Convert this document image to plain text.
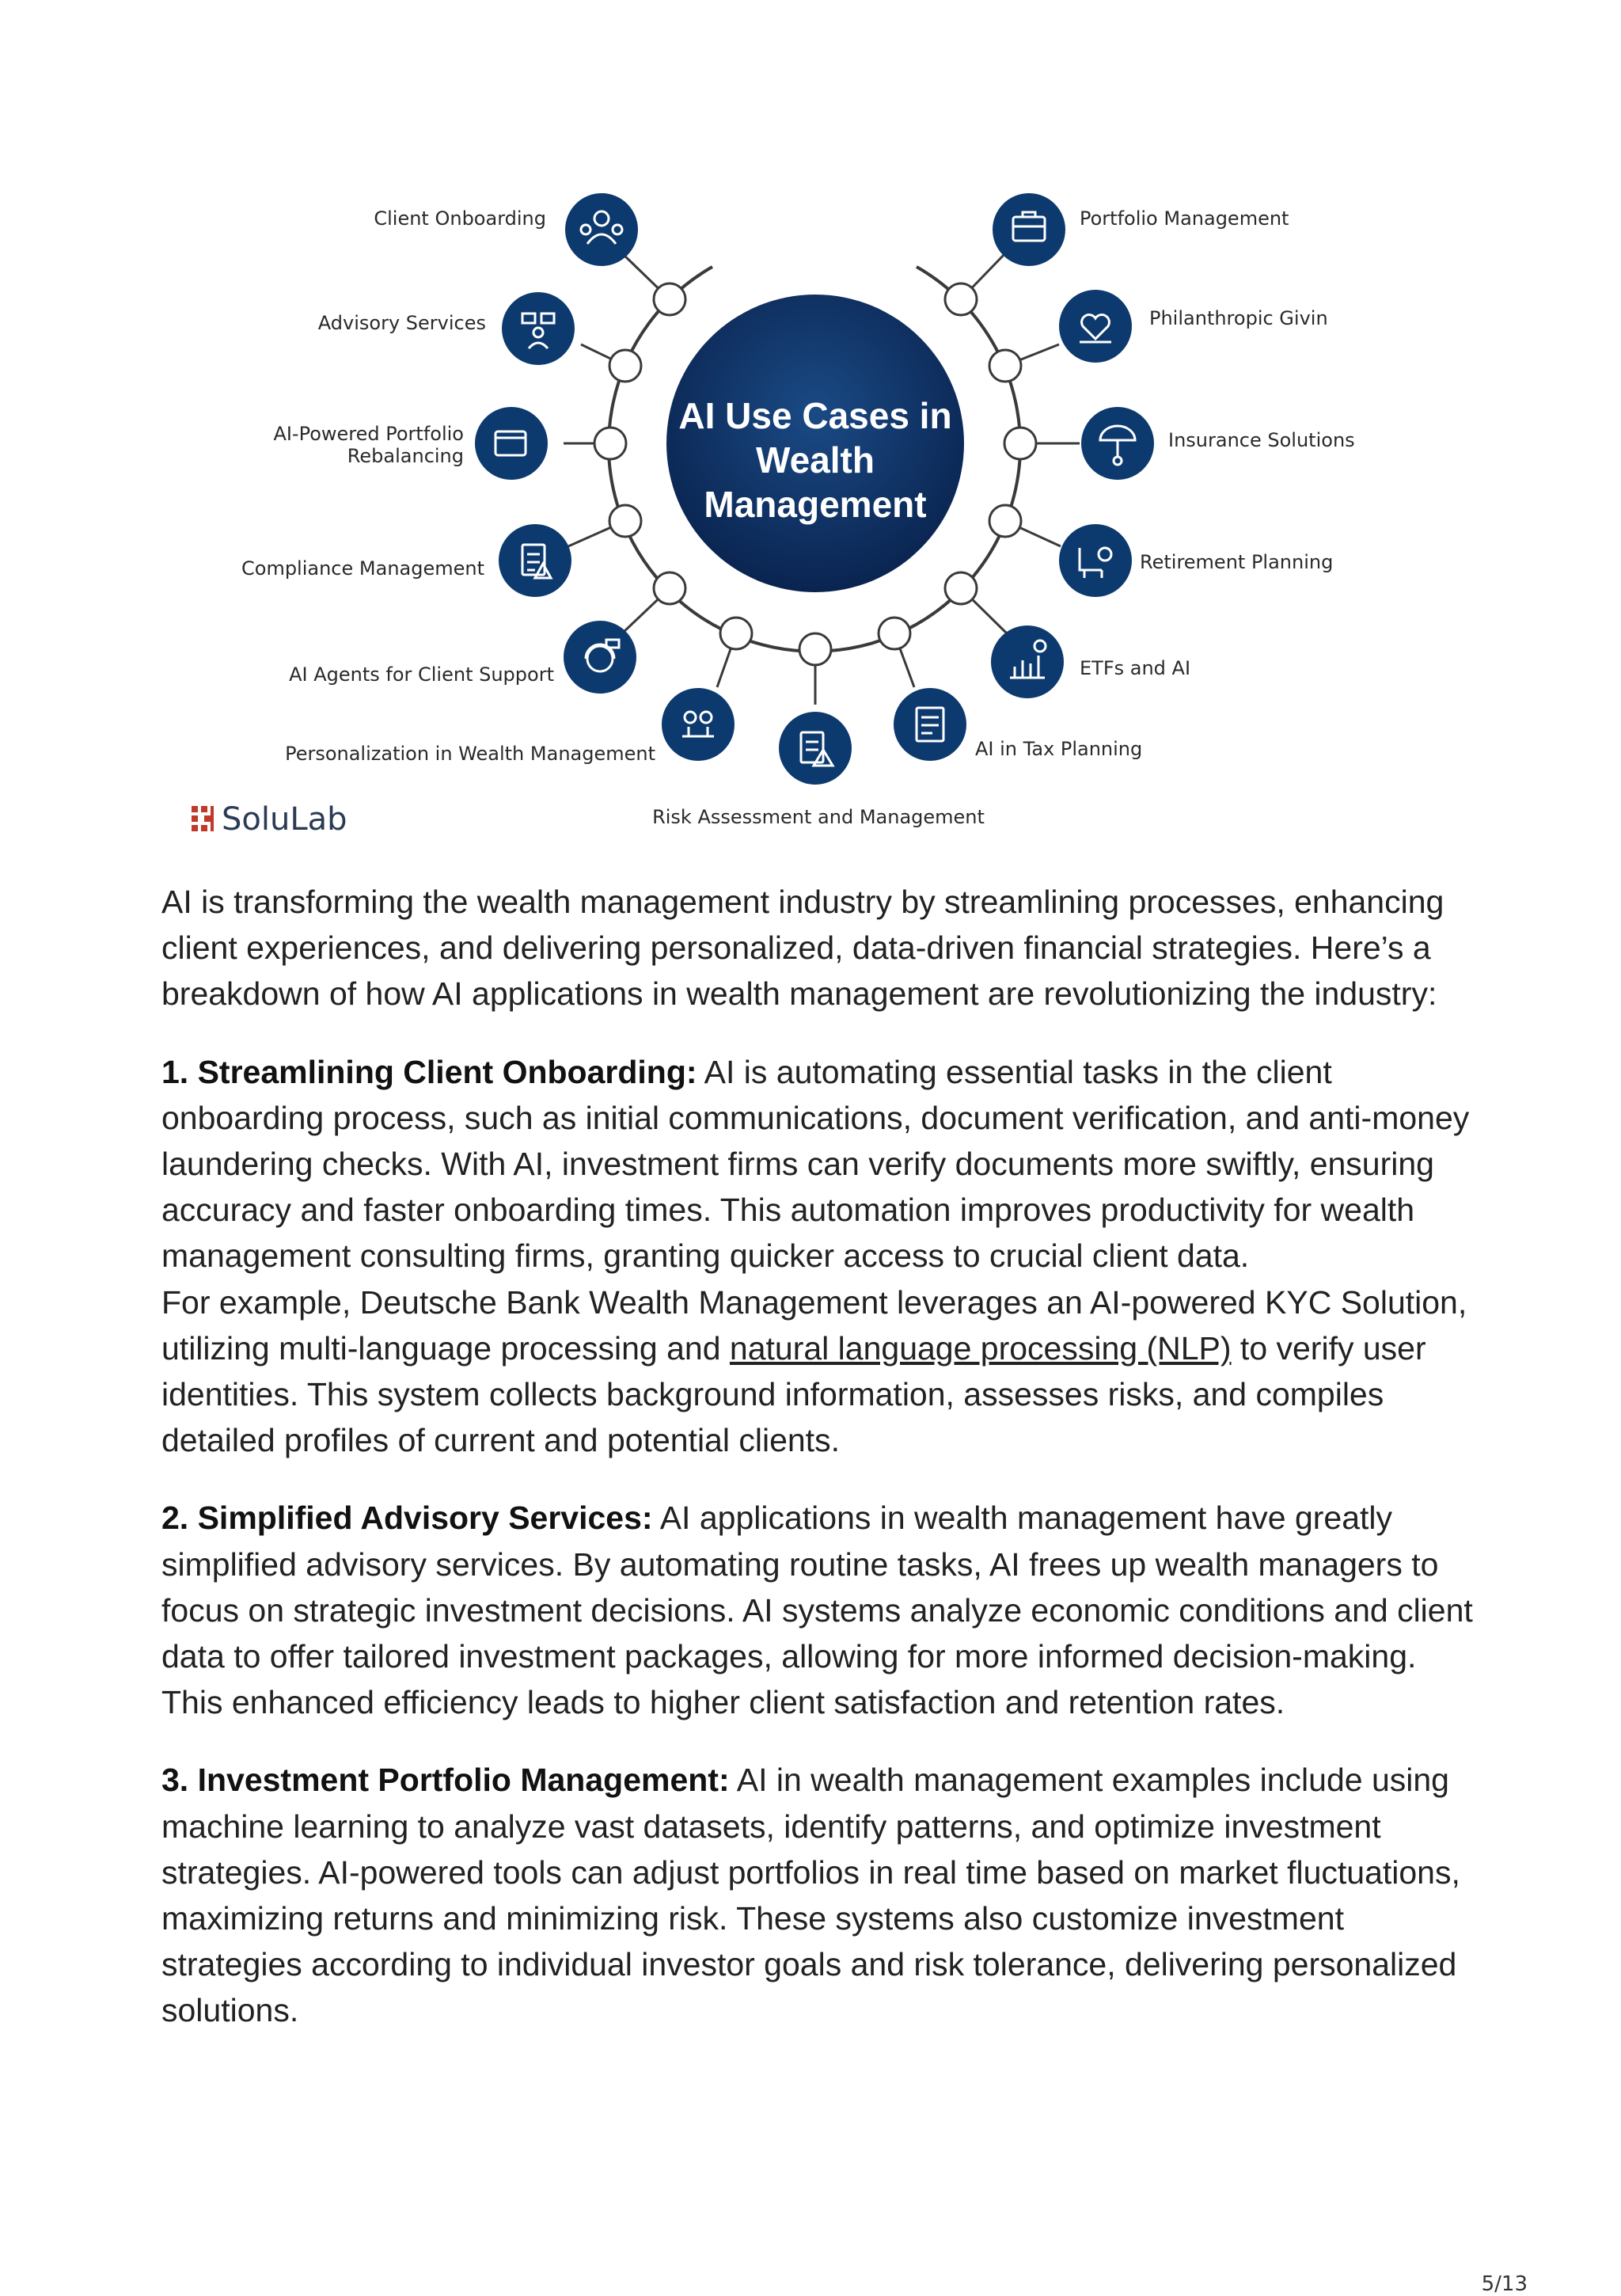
AI Use Cases in
Wealth
Management
Client Onboarding
Advisory Services
AI-Powered Portfolio
Rebalancing
Compliance Management
AI Agents for Client Support
Personalization in Wealth Management
Risk Assessment and Management
AI in Tax Planning
ETFs and AI
Retirement Planning
Insurance Solutions
Philanthropic Givin
Portfolio Management
SoluLab

AI is transforming the wealth management industry by streamlining processes, enhancing client experiences, and delivering personalized, data-driven financial strategies. Here’s a breakdown of how AI applications in wealth management are revolutionizing the industry:

1. Streamlining Client Onboarding: AI is automating essential tasks in the client onboarding process, such as initial communications, document verification, and anti-money laundering checks. With AI, investment firms can verify documents more swiftly, ensuring accuracy and faster onboarding times. This automation improves productivity for wealth management consulting firms, granting quicker access to crucial client data.
For example, Deutsche Bank Wealth Management leverages an AI-powered KYC Solution, utilizing multi-language processing and natural language processing (NLP) to verify user identities. This system collects background information, assesses risks, and compiles detailed profiles of current and potential clients.

2. Simplified Advisory Services: AI applications in wealth management have greatly simplified advisory services. By automating routine tasks, AI frees up wealth managers to focus on strategic investment decisions. AI systems analyze economic conditions and client data to offer tailored investment packages, allowing for more informed decision-making. This enhanced efficiency leads to higher client satisfaction and retention rates.

3. Investment Portfolio Management: AI in wealth management examples include using machine learning to analyze vast datasets, identify patterns, and optimize investment strategies. AI-powered tools can adjust portfolios in real time based on market fluctuations, maximizing returns and minimizing risk. These systems also customize investment strategies according to individual investor goals and risk tolerance, delivering personalized solutions.

5/13
